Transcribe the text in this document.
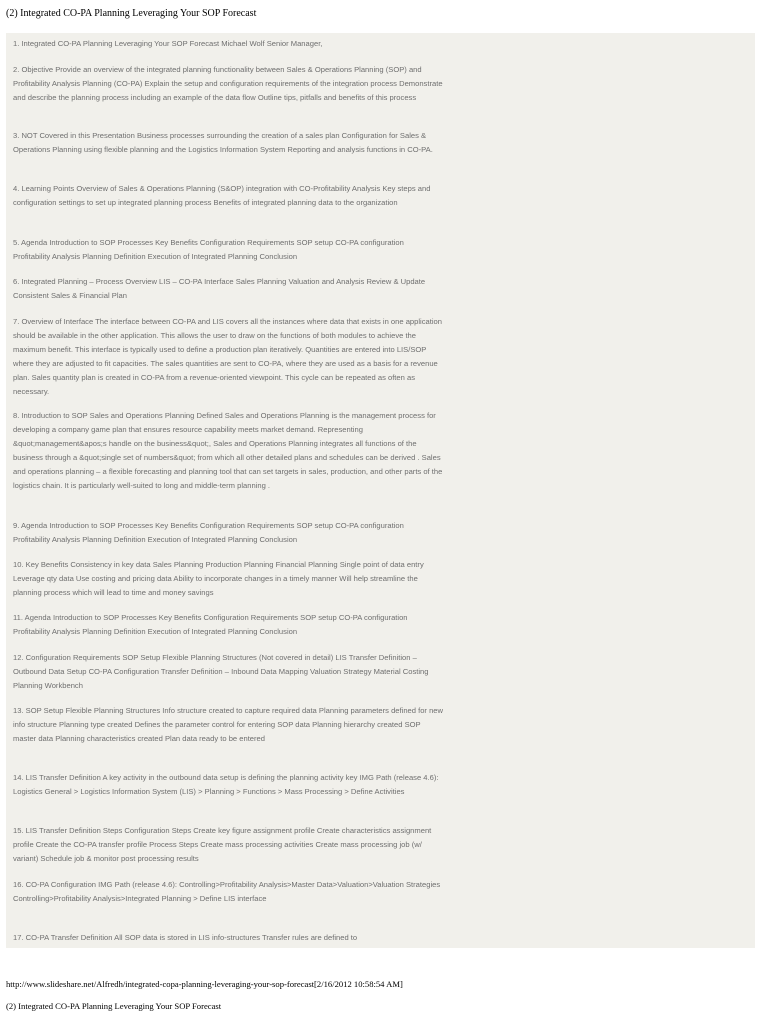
(2) Integrated CO-PA Planning Leveraging Your SOP Forecast

1. Integrated CO-PA Planning Leveraging Your SOP Forecast Michael Wolf Senior Manager,

2. Objective Provide an overview of the integrated planning functionality between Sales & Operations Planning (SOP) and Profitability Analysis Planning (CO-PA) Explain the setup and configuration requirements of the integration process Demonstrate and describe the planning process including an example of the data flow Outline tips, pitfalls and benefits of this process

3. NOT Covered in this Presentation Business processes surrounding the creation of a sales plan Configuration for Sales & Operations Planning using flexible planning and the Logistics Information System Reporting and analysis functions in CO-PA.

4. Learning Points Overview of Sales & Operations Planning (S&OP) integration with CO-Profitability Analysis Key steps and configuration settings to set up integrated planning process Benefits of integrated planning data to the organization

5. Agenda Introduction to SOP Processes Key Benefits Configuration Requirements SOP setup CO-PA configuration Profitability Analysis Planning Definition Execution of Integrated Planning Conclusion

6. Integrated Planning – Process Overview LIS – CO-PA Interface Sales Planning Valuation and Analysis Review & Update Consistent Sales & Financial Plan

7. Overview of Interface The interface between CO-PA and LIS covers all the instances where data that exists in one application should be available in the other application. This allows the user to draw on the functions of both modules to achieve the maximum benefit. This interface is typically used to define a production plan iteratively. Quantities are entered into LIS/SOP where they are adjusted to fit capacities. The sales quantities are sent to CO-PA, where they are used as a basis for a revenue plan. Sales quantity plan is created in CO-PA from a revenue-oriented viewpoint. This cycle can be repeated as often as necessary.

8. Introduction to SOP Sales and Operations Planning Defined Sales and Operations Planning is the management process for developing a company game plan that ensures resource capability meets market demand. Representing &quot;management&apos;s handle on the business&quot;, Sales and Operations Planning integrates all functions of the business through a &quot;single set of numbers&quot; from which all other detailed plans and schedules can be derived . Sales and operations planning – a flexible forecasting and planning tool that can set targets in sales, production, and other parts of the logistics chain. It is particularly well-suited to long and middle-term planning .

9. Agenda Introduction to SOP Processes Key Benefits Configuration Requirements SOP setup CO-PA configuration Profitability Analysis Planning Definition Execution of Integrated Planning Conclusion

10. Key Benefits Consistency in key data Sales Planning Production Planning Financial Planning Single point of data entry Leverage qty data Use costing and pricing data Ability to incorporate changes in a timely manner Will help streamline the planning process which will lead to time and money savings

11. Agenda Introduction to SOP Processes Key Benefits Configuration Requirements SOP setup CO-PA configuration Profitability Analysis Planning Definition Execution of Integrated Planning Conclusion

12. Configuration Requirements SOP Setup Flexible Planning Structures (Not covered in detail) LIS Transfer Definition – Outbound Data Setup CO-PA Configuration Transfer Definition – Inbound Data Mapping Valuation Strategy Material Costing Planning Workbench

13. SOP Setup Flexible Planning Structures Info structure created to capture required data Planning parameters defined for new info structure Planning type created Defines the parameter control for entering SOP data Planning hierarchy created SOP master data Planning characteristics created Plan data ready to be entered

14. LIS Transfer Definition A key activity in the outbound data setup is defining the planning activity key IMG Path (release 4.6): Logistics General > Logistics Information System (LIS) > Planning > Functions > Mass Processing > Define Activities

15. LIS Transfer Definition Steps Configuration Steps Create key figure assignment profile Create characteristics assignment profile Create the CO-PA transfer profile Process Steps Create mass processing activities Create mass processing job (w/ variant) Schedule job & monitor post processing results

16. CO-PA Configuration IMG Path (release 4.6): Controlling>Profitability Analysis>Master Data>Valuation>Valuation Strategies Controlling>Profitability Analysis>Integrated Planning > Define LIS interface

17. CO-PA Transfer Definition All SOP data is stored in LIS info-structures Transfer rules are defined to

http://www.slideshare.net/Alfredh/integrated-copa-planning-leveraging-your-sop-forecast[2/16/2012 10:58:54 AM]
(2) Integrated CO-PA Planning Leveraging Your SOP Forecast
